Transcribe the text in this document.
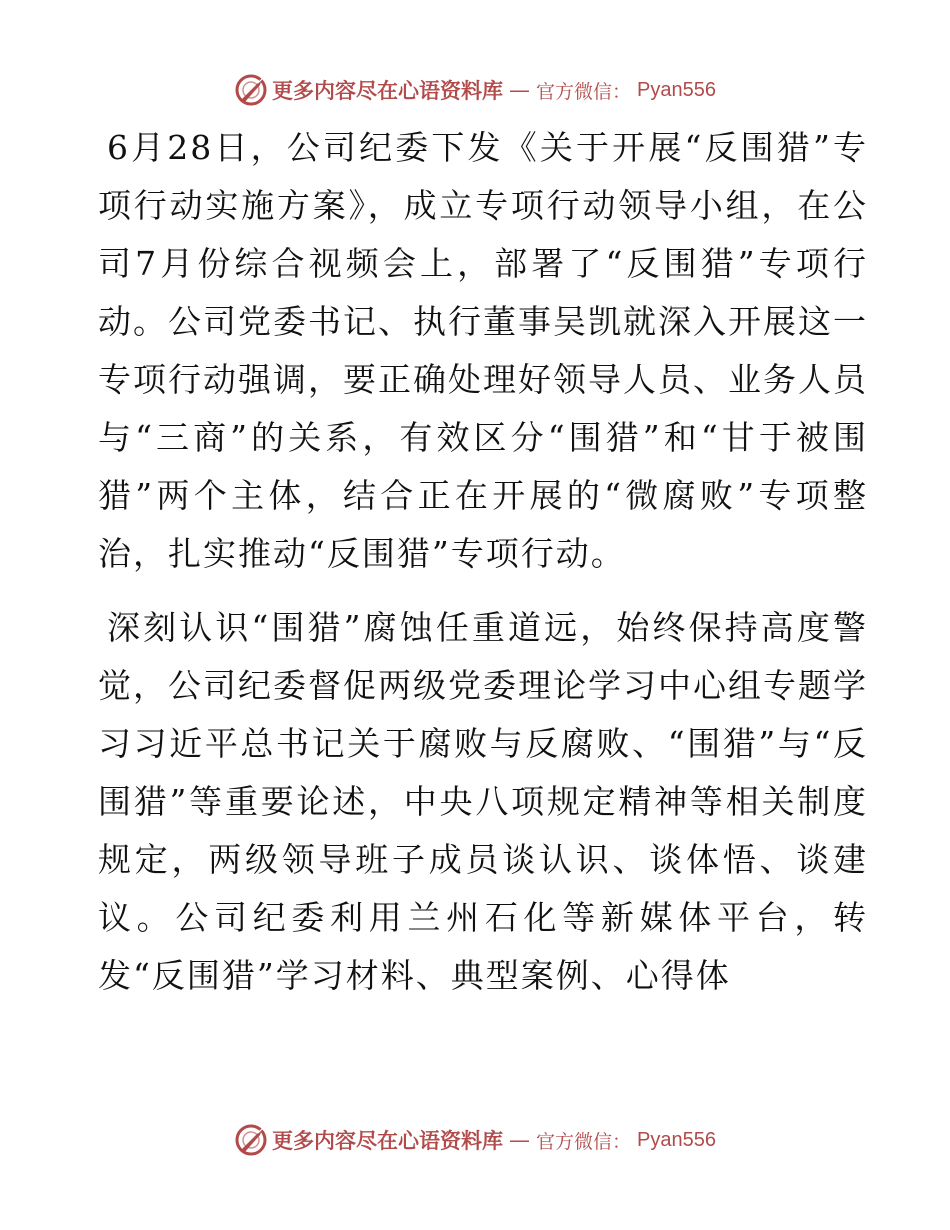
更多内容尽在心语资料库 — 官方微信： Pyan556

6月28日，公司纪委下发《关于开展“反围猎”专项行动实施方案》，成立专项行动领导小组，在公司7月份综合视频会上，部署了“反围猎”专项行动。公司党委书记、执行董事吴凯就深入开展这一专项行动强调，要正确处理好领导人员、业务人员与“三商”的关系，有效区分“围猎”和“甘于被围猎”两个主体，结合正在开展的“微腐败”专项整治，扎实推动“反围猎”专项行动。

深刻认识“围猎”腐蚀任重道远，始终保持高度警觉，公司纪委督促两级党委理论学习中心组专题学习习近平总书记关于腐败与反腐败、“围猎”与“反围猎”等重要论述，中央八项规定精神等相关制度规定，两级领导班子成员谈认识、谈体悟、谈建议。公司纪委利用兰州石化等新媒体平台，转发“反围猎”学习材料、典型案例、心得体

更多内容尽在心语资料库 — 官方微信： Pyan556
